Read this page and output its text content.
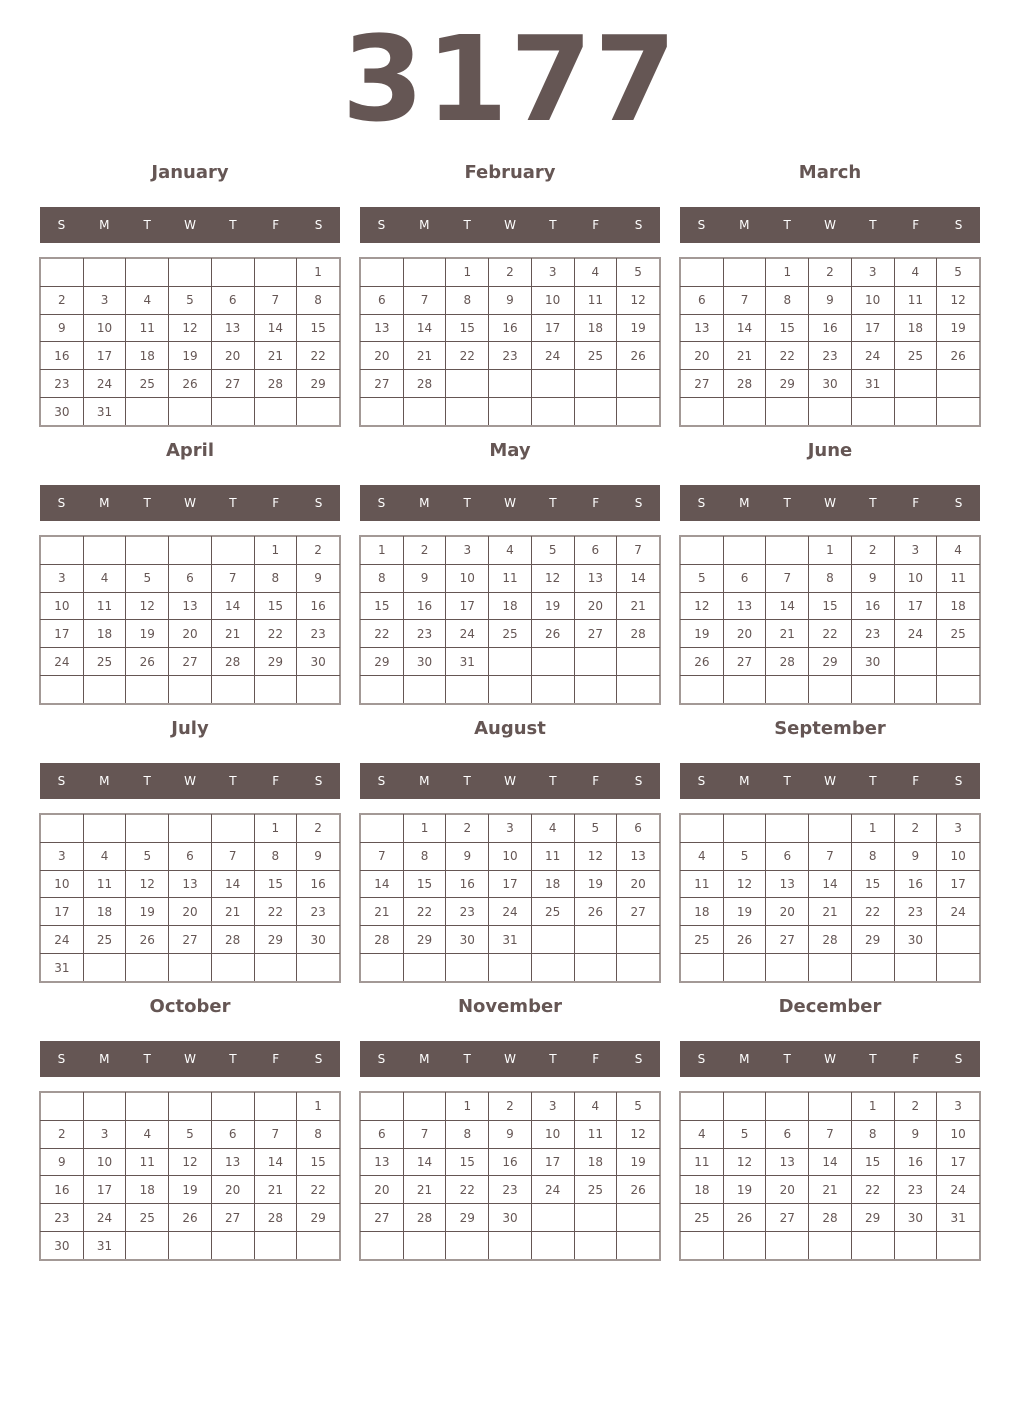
3177
January
S	M	T	W	T	F	S
						1
2	3	4	5	6	7	8
9	10	11	12	13	14	15
16	17	18	19	20	21	22
23	24	25	26	27	28	29
30	31					
February
S	M	T	W	T	F	S
		1	2	3	4	5
6	7	8	9	10	11	12
13	14	15	16	17	18	19
20	21	22	23	24	25	26
27	28					

March
S	M	T	W	T	F	S
		1	2	3	4	5
6	7	8	9	10	11	12
13	14	15	16	17	18	19
20	21	22	23	24	25	26
27	28	29	30	31		

April
S	M	T	W	T	F	S
					1	2
3	4	5	6	7	8	9
10	11	12	13	14	15	16
17	18	19	20	21	22	23
24	25	26	27	28	29	30

May
S	M	T	W	T	F	S
1	2	3	4	5	6	7
8	9	10	11	12	13	14
15	16	17	18	19	20	21
22	23	24	25	26	27	28
29	30	31				

June
S	M	T	W	T	F	S
			1	2	3	4
5	6	7	8	9	10	11
12	13	14	15	16	17	18
19	20	21	22	23	24	25
26	27	28	29	30		

July
S	M	T	W	T	F	S
					1	2
3	4	5	6	7	8	9
10	11	12	13	14	15	16
17	18	19	20	21	22	23
24	25	26	27	28	29	30
31						
August
S	M	T	W	T	F	S
	1	2	3	4	5	6
7	8	9	10	11	12	13
14	15	16	17	18	19	20
21	22	23	24	25	26	27
28	29	30	31			

September
S	M	T	W	T	F	S
				1	2	3
4	5	6	7	8	9	10
11	12	13	14	15	16	17
18	19	20	21	22	23	24
25	26	27	28	29	30	

October
S	M	T	W	T	F	S
						1
2	3	4	5	6	7	8
9	10	11	12	13	14	15
16	17	18	19	20	21	22
23	24	25	26	27	28	29
30	31					
November
S	M	T	W	T	F	S
		1	2	3	4	5
6	7	8	9	10	11	12
13	14	15	16	17	18	19
20	21	22	23	24	25	26
27	28	29	30			

December
S	M	T	W	T	F	S
				1	2	3
4	5	6	7	8	9	10
11	12	13	14	15	16	17
18	19	20	21	22	23	24
25	26	27	28	29	30	31
